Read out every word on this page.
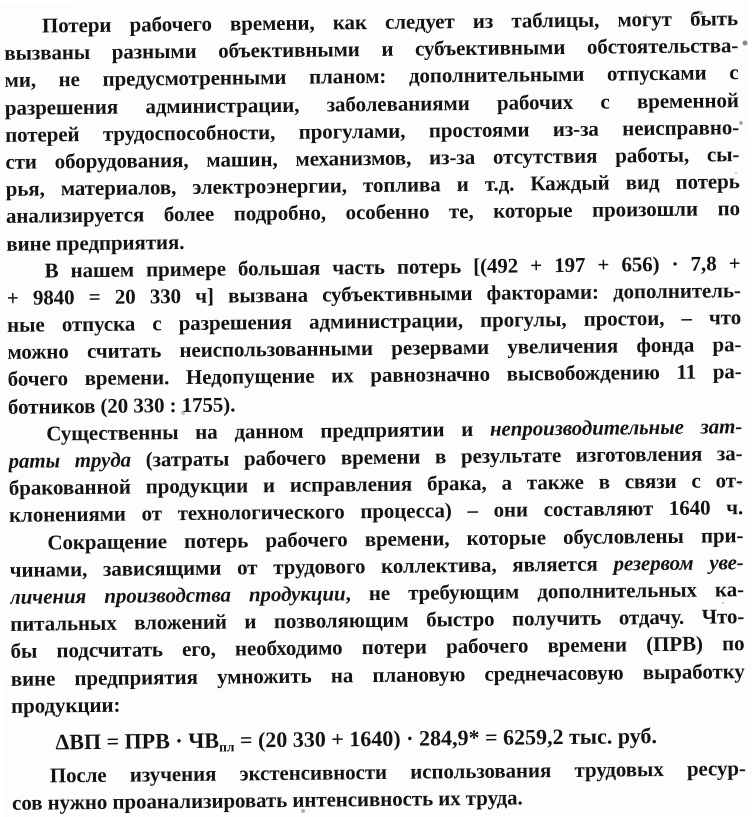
Потери рабочего времени, как следует из таблицы, могут быть
вызваны разными объективными и субъективными обстоятельства-
ми, не предусмотренными планом: дополнительными отпусками с
разрешения администрации, заболеваниями рабочих с временной
потерей трудоспособности, прогулами, простоями из-за неисправно-
сти оборудования, машин, механизмов, из-за отсутствия работы, сы-
рья, материалов, электроэнергии, топлива и т.д. Каждый вид потерь
анализируется более подробно, особенно те, которые произошли по
вине предприятия.
В нашем примере большая часть потерь [(492 + 197 + 656) · 7,8 +
+ 9840 = 20 330 ч] вызвана субъективными факторами: дополнитель-
ные отпуска с разрешения администрации, прогулы, простои, – что
можно считать неиспользованными резервами увеличения фонда ра-
бочего времени. Недопущение их равнозначно высвобождению 11 ра-
ботников (20 330 : 1755).
Существенны на данном предприятии и непроизводительные зат-
раты труда (затраты рабочего времени в результате изготовления за-
бракованной продукции и исправления брака, а также в связи с от-
клонениями от технологического процесса) – они составляют 1640 ч.
Сокращение потерь рабочего времени, которые обусловлены при-
чинами, зависящими от трудового коллектива, является резервом уве-
личения производства продукции, не требующим дополнительных ка-
питальных вложений и позволяющим быстро получить отдачу. Что-
бы подсчитать его, необходимо потери рабочего времени (ПРВ) по
вине предприятия умножить на плановую среднечасовую выработку
продукции:
ΔВП = ПРВ · ЧВпл = (20 330 + 1640) · 284,9* = 6259,2 тыс. руб.
После изучения экстенсивности использования трудовых ресур-
сов нужно проанализировать интенсивность их труда.
